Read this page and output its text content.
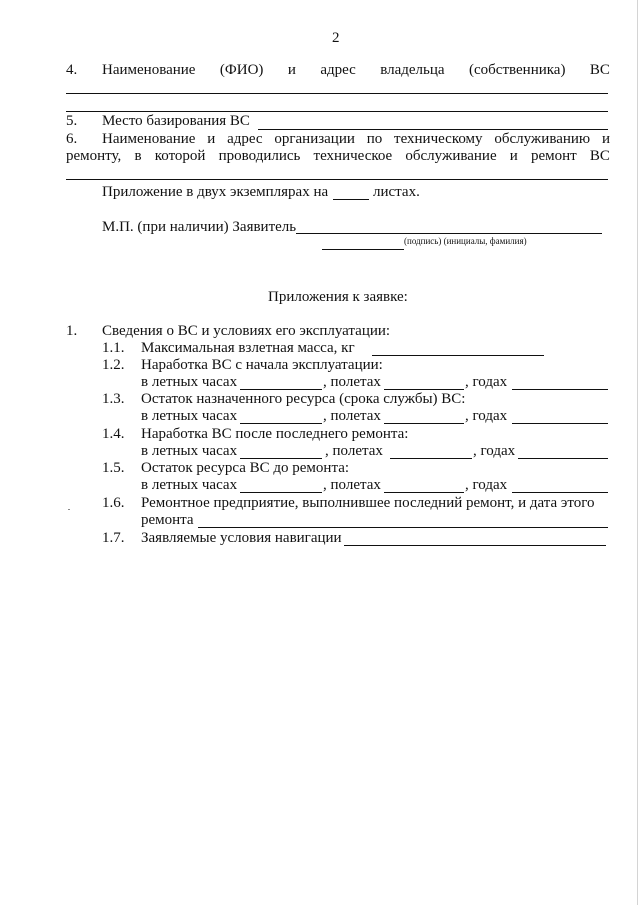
2
4. Наименование (ФИО) и адрес владельца (собственника) ВС
5. Место базирования ВС
6. Наименование и адрес организации по техническому обслуживанию и
ремонту, в которой проводились техническое обслуживание и ремонт ВС
Приложение в двух экземплярах на	листах.
М.П. (при наличии) Заявитель
(подпись) (инициалы, фамилия)
Приложения к заявке:
1. Сведения о ВС и условиях его эксплуатации:
1.1. Максимальная взлетная масса, кг
1.2. Наработка ВС с начала эксплуатации:
в летных часах	, полетах	, годах
1.3. Остаток назначенного ресурса (срока службы) ВС:
в летных часах	, полетах	, годах
1.4. Наработка ВС после последнего ремонта:
в летных часах	, полетах	, годах
1.5. Остаток ресурса ВС до ремонта:
в летных часах	, полетах	, годах
1.6. Ремонтное предприятие, выполнившее последний ремонт, и дата этого
ремонта
1.7. Заявляемые условия навигации
